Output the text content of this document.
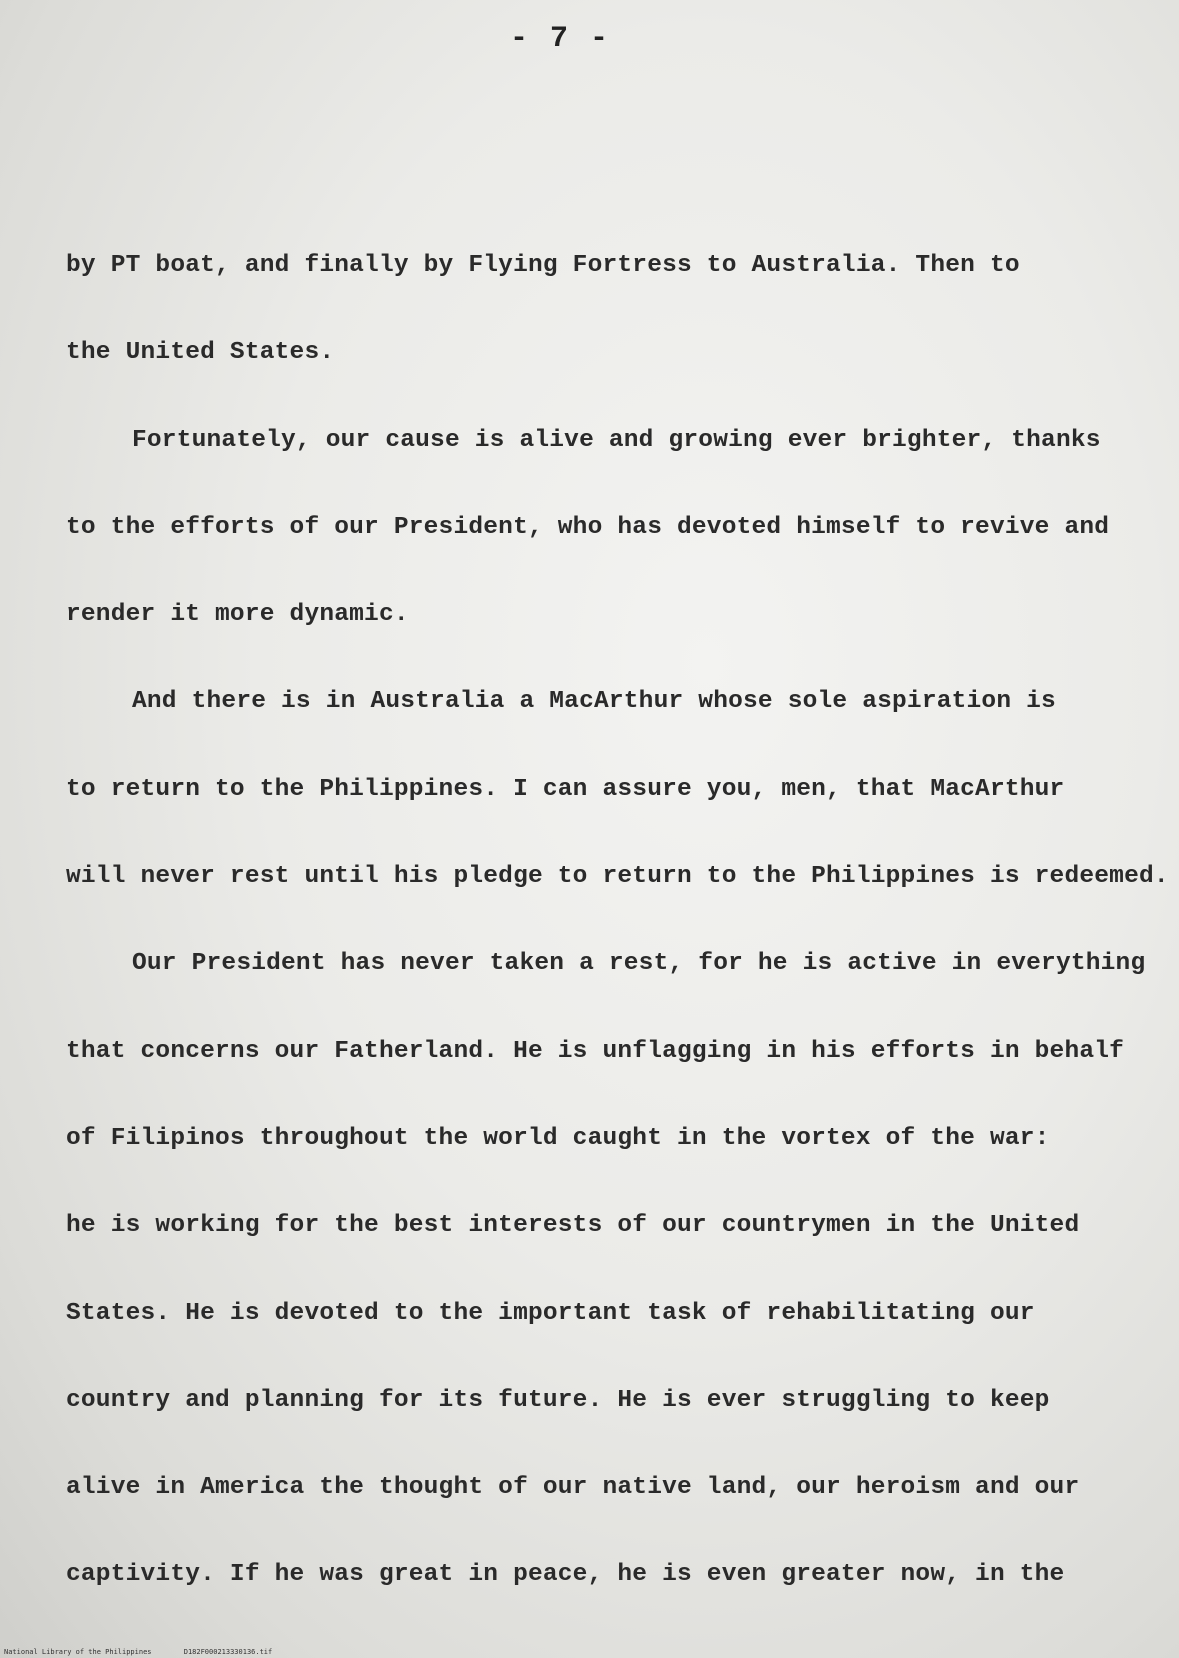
- 7 -
by PT boat, and finally by Flying Fortress to Australia. Then to
the United States.
Fortunately, our cause is alive and growing ever brighter, thanks
to the efforts of our President, who has devoted himself to revive and
render it more dynamic.
And there is in Australia a MacArthur whose sole aspiration is
to return to the Philippines. I can assure you, men, that MacArthur
will never rest until his pledge to return to the Philippines is redeemed.
Our President has never taken a rest, for he is active in everything
that concerns our Fatherland. He is unflagging in his efforts in behalf
of Filipinos throughout the world caught in the vortex of the war:
he is working for the best interests of our countrymen in the United
States. He is devoted to the important task of rehabilitating our
country and planning for its future. He is ever struggling to keep
alive in America the thought of our native land, our heroism and our
captivity. If he was great in peace, he is even greater now, in the
National Library of the Philippines	D182F000213330136.tif
